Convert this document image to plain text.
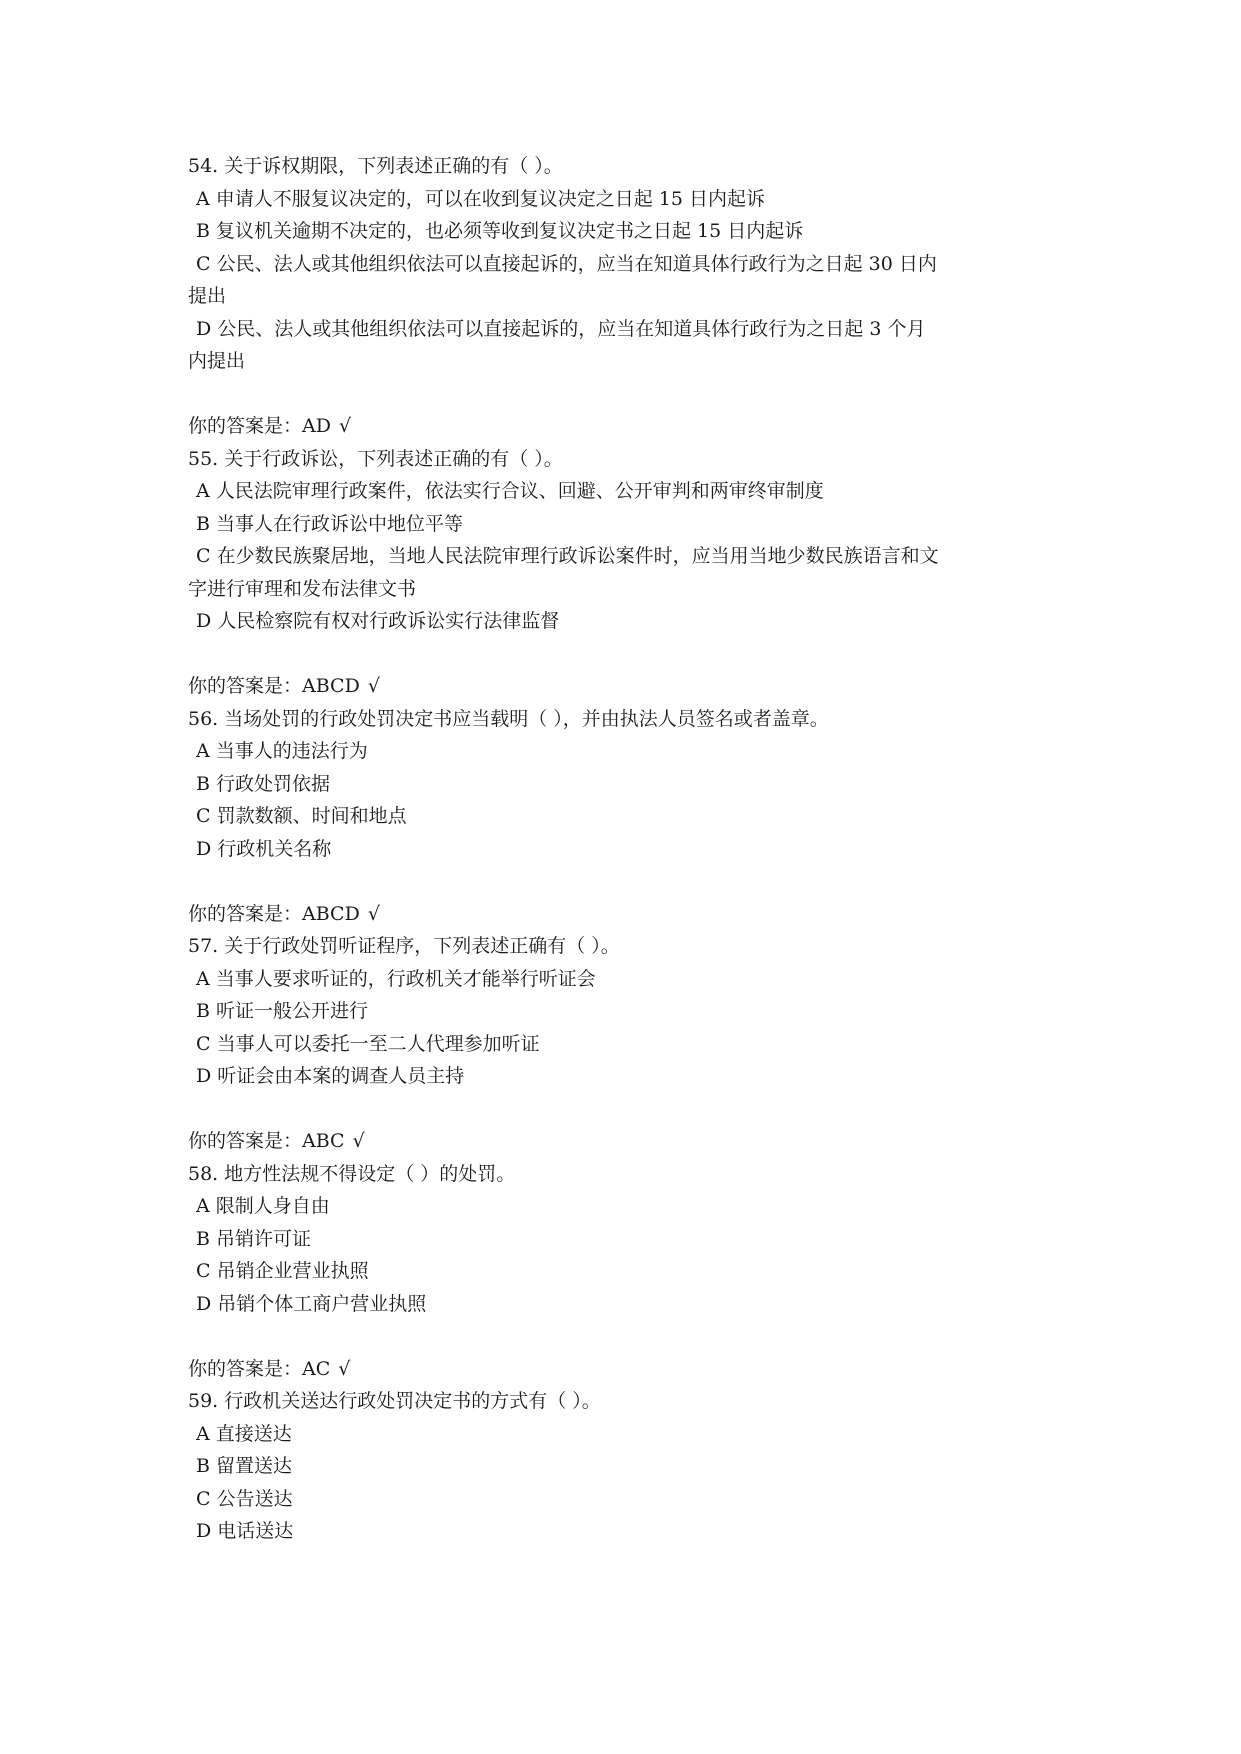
54. 关于诉权期限，下列表述正确的有（ ）。

A 申请人不服复议决定的，可以在收到复议决定之日起 15 日内起诉

B 复议机关逾期不决定的，也必须等收到复议决定书之日起 15 日内起诉

C 公民、法人或其他组织依法可以直接起诉的，应当在知道具体行政行为之日起 30 日内

提出

D 公民、法人或其他组织依法可以直接起诉的，应当在知道具体行政行为之日起 3 个月

内提出

你的答案是：AD √

55. 关于行政诉讼，下列表述正确的有（ ）。

A 人民法院审理行政案件，依法实行合议、回避、公开审判和两审终审制度

B 当事人在行政诉讼中地位平等

C 在少数民族聚居地，当地人民法院审理行政诉讼案件时，应当用当地少数民族语言和文

字进行审理和发布法律文书

D 人民检察院有权对行政诉讼实行法律监督

你的答案是：ABCD √

56. 当场处罚的行政处罚决定书应当载明（ ），并由执法人员签名或者盖章。

A 当事人的违法行为

B 行政处罚依据

C 罚款数额、时间和地点

D 行政机关名称

你的答案是：ABCD √

57. 关于行政处罚听证程序，下列表述正确有（ ）。

A 当事人要求听证的，行政机关才能举行听证会

B 听证一般公开进行

C 当事人可以委托一至二人代理参加听证

D 听证会由本案的调查人员主持

你的答案是：ABC √

58. 地方性法规不得设定（ ）的处罚。

A 限制人身自由

B 吊销许可证

C 吊销企业营业执照

D 吊销个体工商户营业执照

你的答案是：AC √

59. 行政机关送达行政处罚决定书的方式有（ ）。

A 直接送达

B 留置送达

C 公告送达

D 电话送达
